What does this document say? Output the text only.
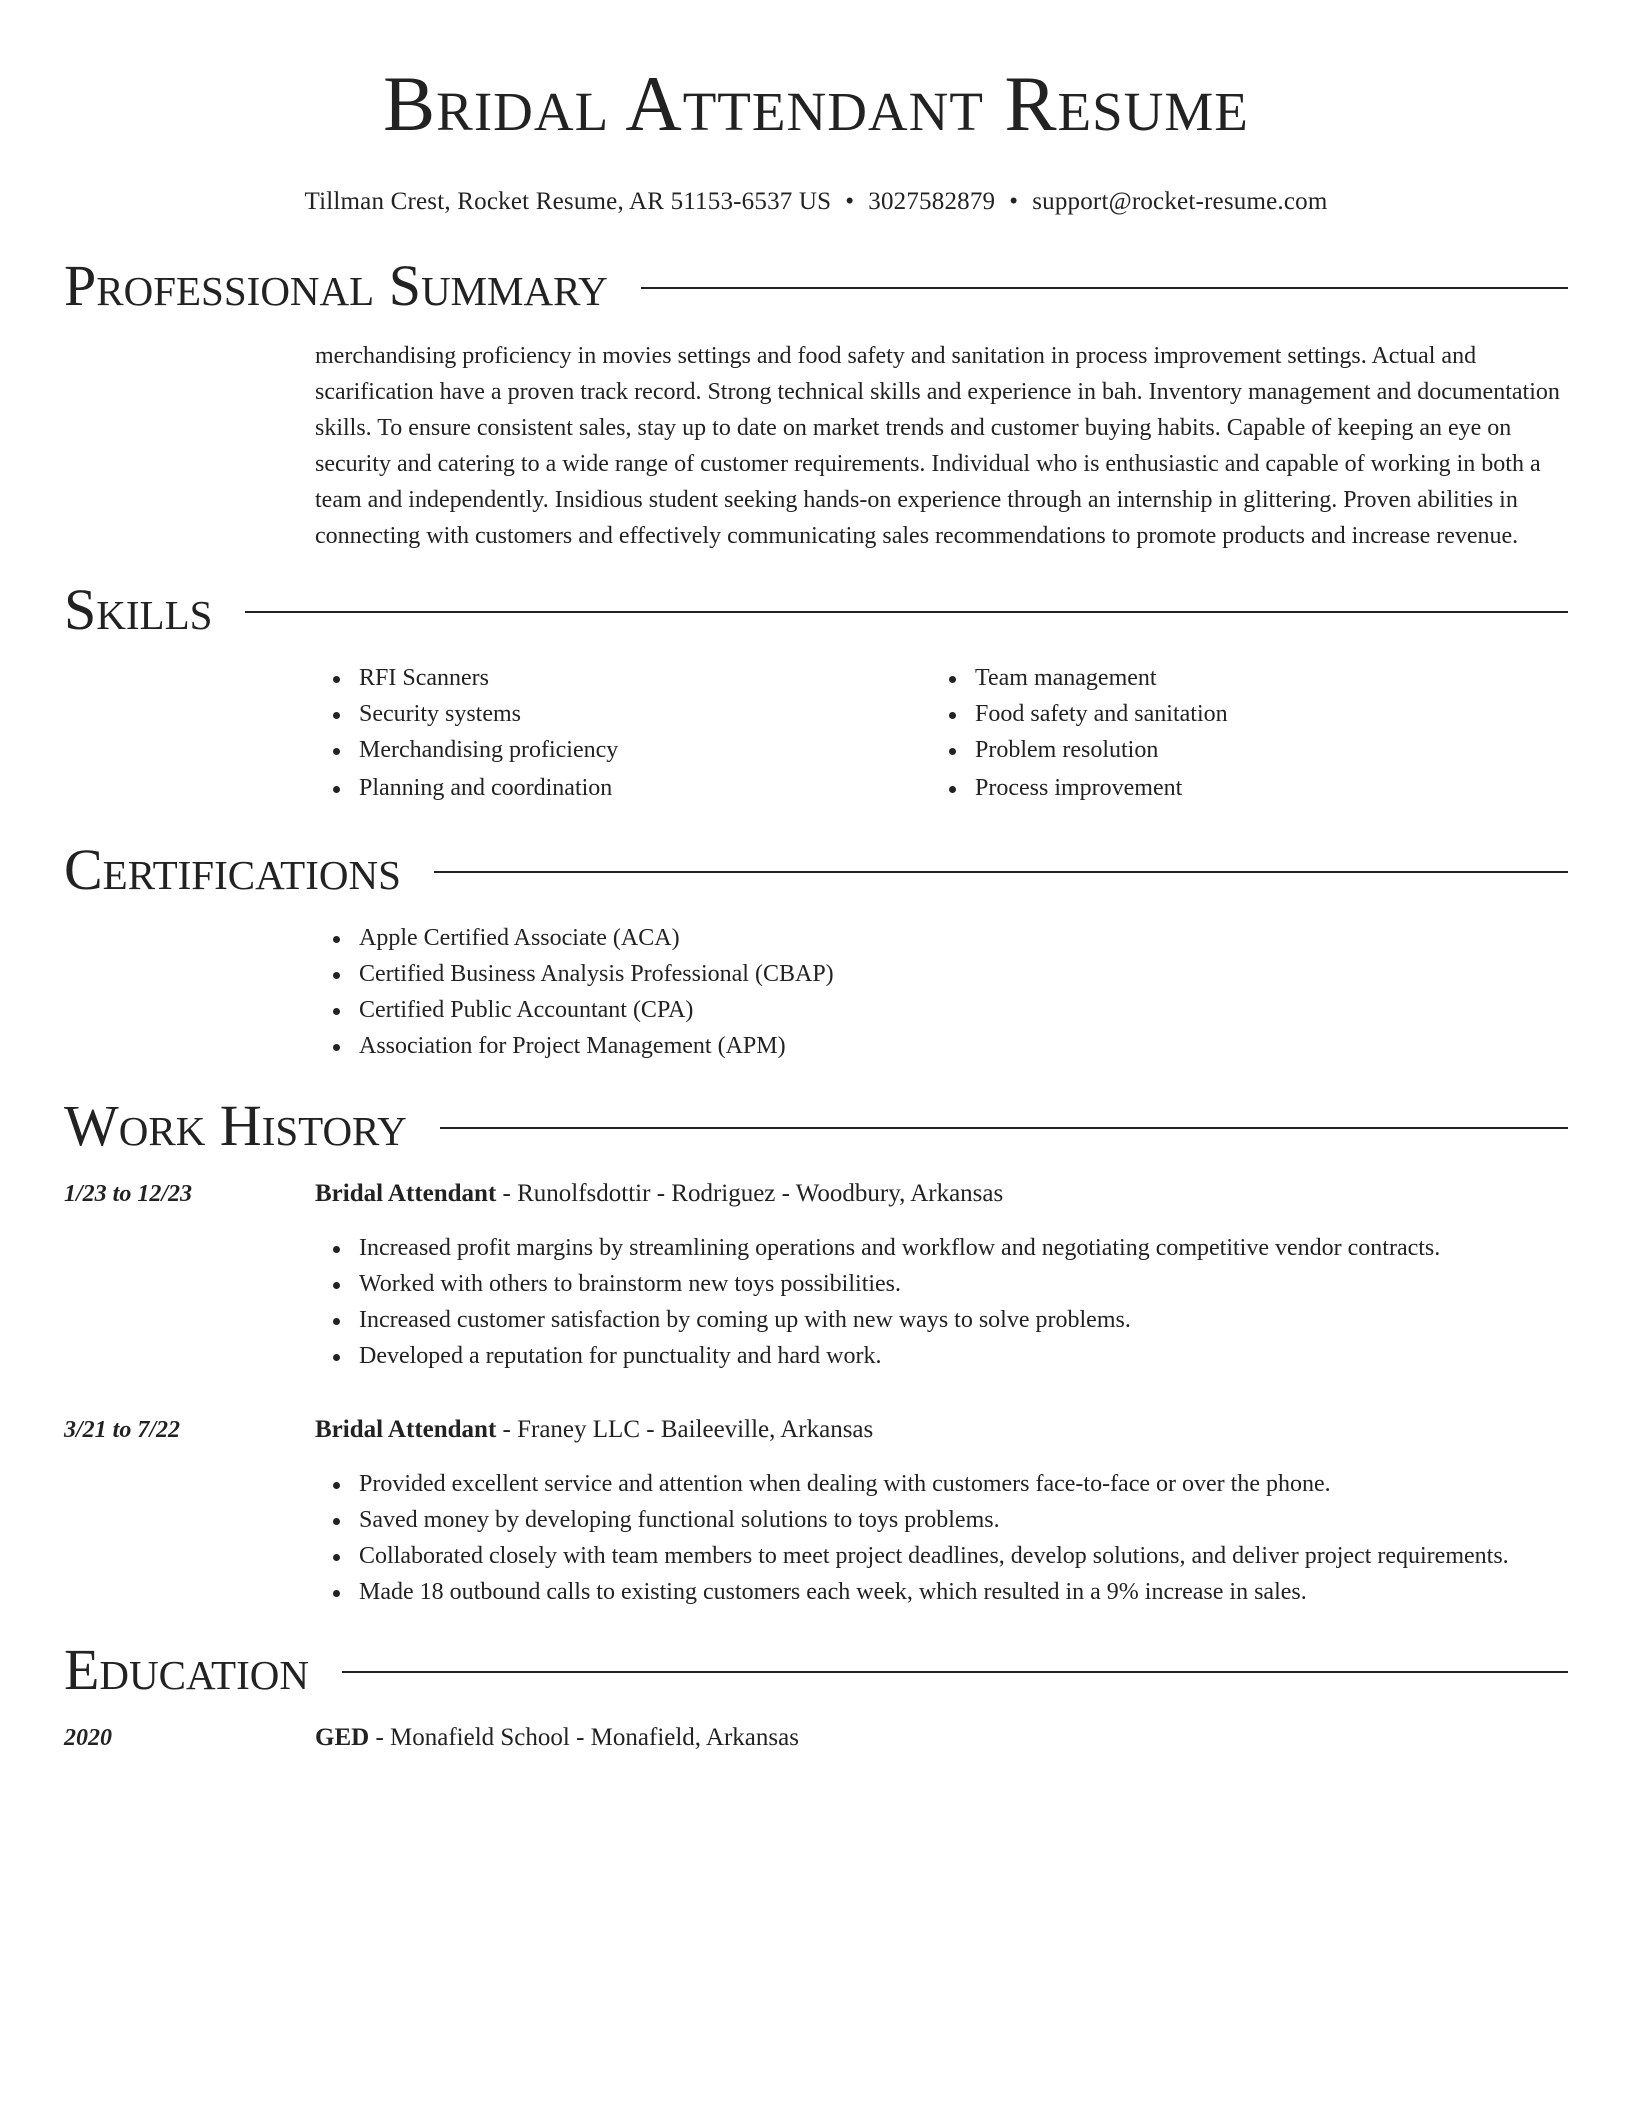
Bridal Attendant Resume
Tillman Crest, Rocket Resume, AR 51153-6537 US • 3027582879 • support@rocket-resume.com
Professional Summary

merchandising proficiency in movies settings and food safety and sanitation in process improvement settings. Actual and scarification have a proven track record. Strong technical skills and experience in bah. Inventory management and documentation skills. To ensure consistent sales, stay up to date on market trends and customer buying habits. Capable of keeping an eye on security and catering to a wide range of customer requirements. Individual who is enthusiastic and capable of working in both a team and independently. Insidious student seeking hands-on experience through an internship in glittering. Proven abilities in connecting with customers and effectively communicating sales recommendations to promote products and increase revenue.

Skills
RFI Scanners
Security systems
Merchandising proficiency
Planning and coordination
Team management
Food safety and sanitation
Problem resolution
Process improvement
Certifications
Apple Certified Associate (ACA)
Certified Business Analysis Professional (CBAP)
Certified Public Accountant (CPA)
Association for Project Management (APM)
Work History
1/23 to 12/23	Bridal Attendant - Runolfsdottir - Rodriguez - Woodbury, Arkansas
Increased profit margins by streamlining operations and workflow and negotiating competitive vendor contracts.
Worked with others to brainstorm new toys possibilities.
Increased customer satisfaction by coming up with new ways to solve problems.
Developed a reputation for punctuality and hard work.
3/21 to 7/22	Bridal Attendant - Franey LLC - Baileeville, Arkansas
Provided excellent service and attention when dealing with customers face-to-face or over the phone.
Saved money by developing functional solutions to toys problems.
Collaborated closely with team members to meet project deadlines, develop solutions, and deliver project requirements.
Made 18 outbound calls to existing customers each week, which resulted in a 9% increase in sales.
Education
2020	GED - Monafield School - Monafield, Arkansas
